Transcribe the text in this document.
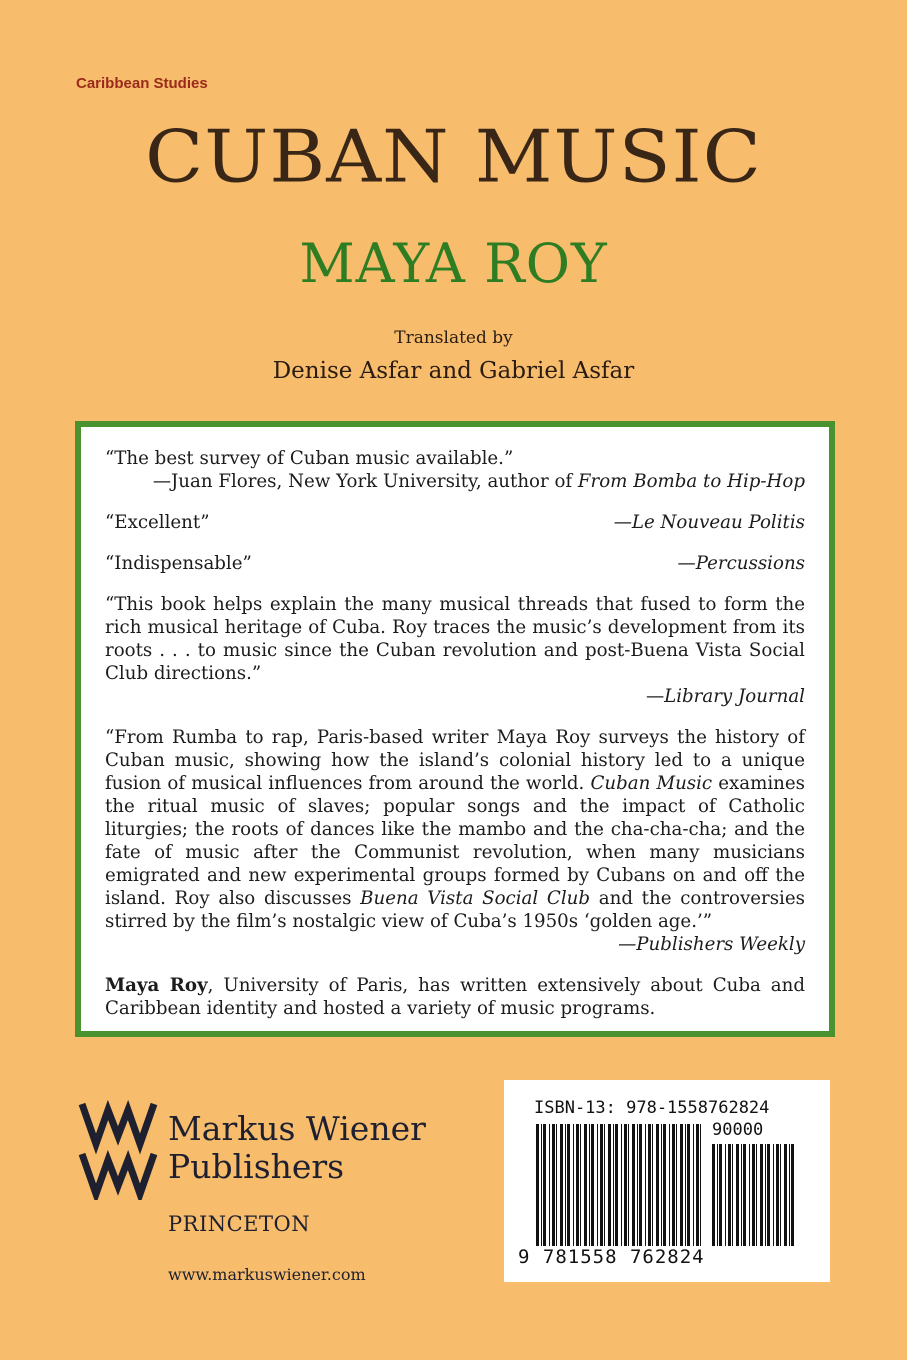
Caribbean Studies
CUBAN MUSIC
MAYA ROY
Translated by
Denise Asfar and Gabriel Asfar
“The best survey of Cuban music available.”
—Juan Flores, New York University, author of From Bomba to Hip-Hop
“Excellent”	—Le Nouveau Politis
“Indispensable”	—Percussions
“This book helps explain the many musical threads that fused to form the rich musical heritage of Cuba. Roy traces the music’s development from its roots . . . to music since the Cuban revolution and post-Buena Vista Social Club directions.”
—Library Journal
“From Rumba to rap, Paris-based writer Maya Roy surveys the history of Cuban music, showing how the island’s colonial history led to a unique fusion of musical influences from around the world. Cuban Music examines the ritual music of slaves; popular songs and the impact of Catholic liturgies; the roots of dances like the mambo and the cha-cha-cha; and the fate of music after the Communist revolution, when many musicians emigrated and new experimental groups formed by Cubans on and off the island. Roy also discusses Buena Vista Social Club and the controversies stirred by the film’s nostalgic view of Cuba’s 1950s ‘golden age.’”
—Publishers Weekly
Maya Roy, University of Paris, has written extensively about Cuba and Caribbean identity and hosted a variety of music programs.
Markus Wiener
Publishers
PRINCETON
www.markuswiener.com
ISBN-13: 978-1558762824
90000
9 781558 762824
